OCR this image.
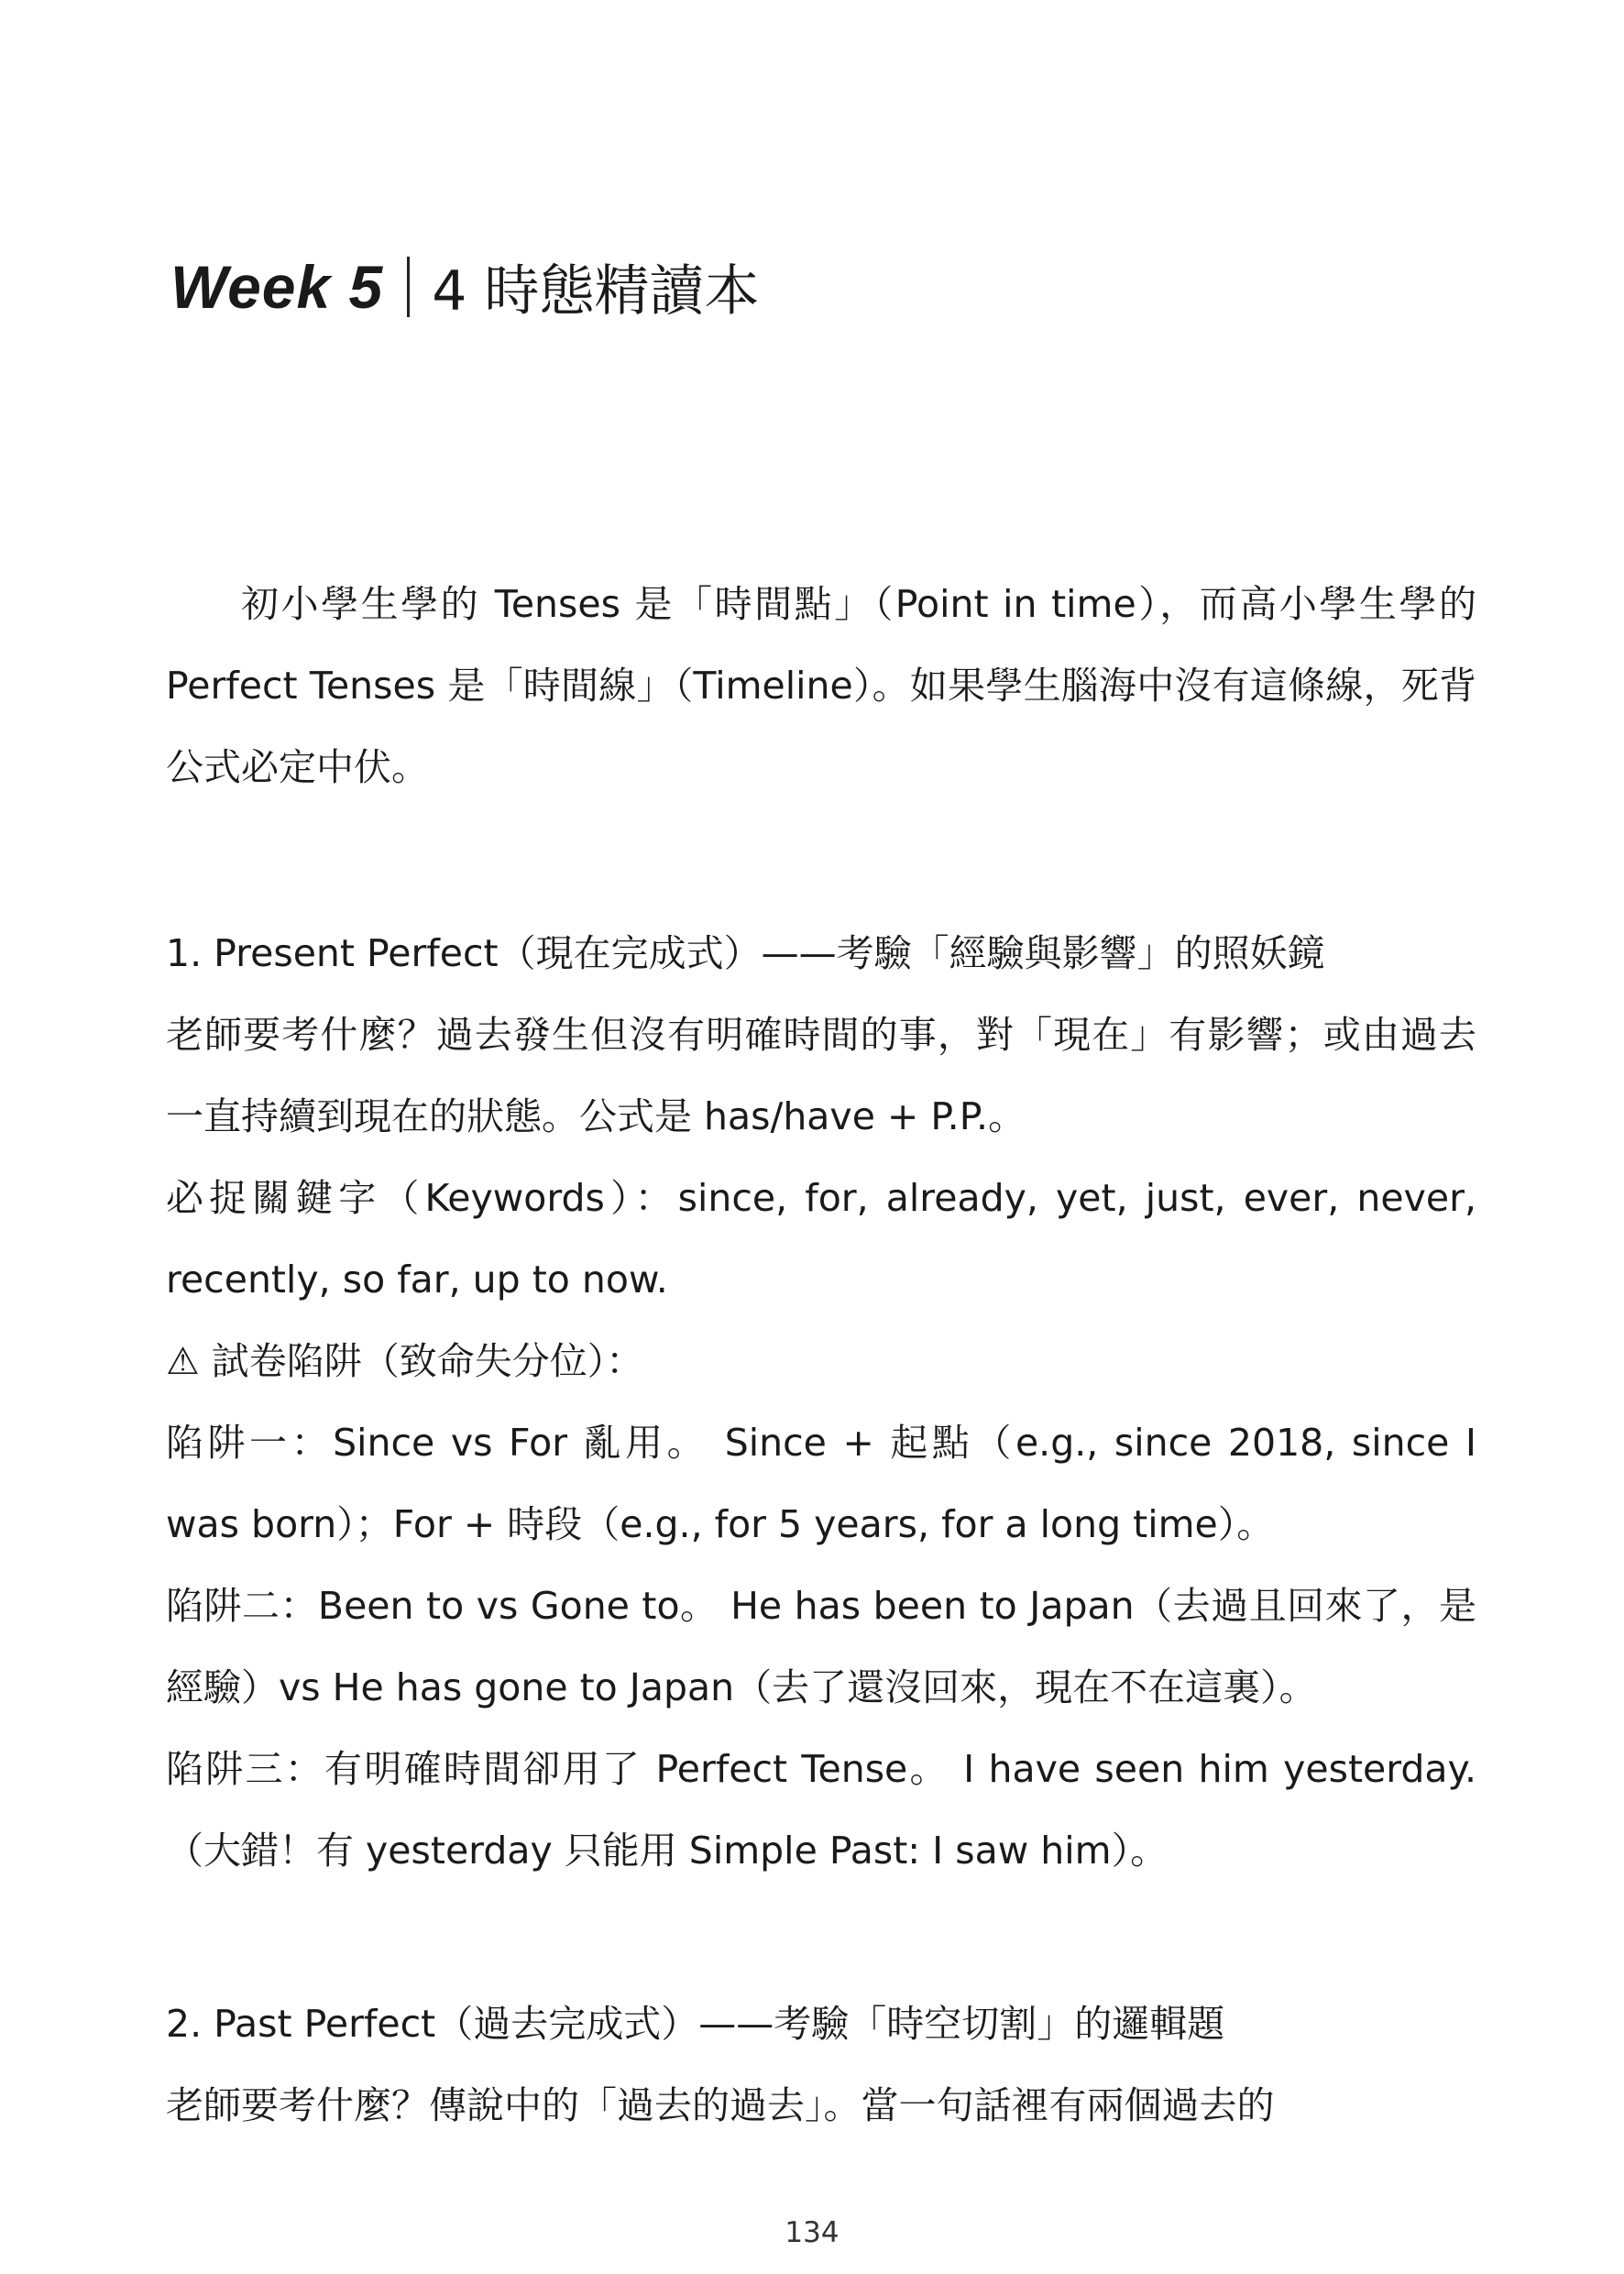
Week 5 4 時態精讀本

初小學生學的 Tenses 是「時間點」（Point in time），而高小學生學的 Perfect Tenses 是「時間線」（Timeline）。如果學生腦海中沒有這條線，死背公式必定中伏。

1. Present Perfect（現在完成式）——考驗「經驗與影響」的照妖鏡

老師要考什麼？過去發生但沒有明確時間的事，對「現在」有影響；或由過去一直持續到現在的狀態。公式是 has/have + P.P.。

必捉關鍵字（Keywords）：since, for, already, yet, just, ever, never, recently, so far, up to now.

⚠ 試卷陷阱（致命失分位）：

陷阱一：Since vs For 亂用。 Since + 起點（e.g., since 2018, since I was born）；For + 時段（e.g., for 5 years, for a long time）。

陷阱二：Been to vs Gone to。 He has been to Japan（去過且回來了，是經驗）vs He has gone to Japan（去了還沒回來，現在不在這裏）。

陷阱三：有明確時間卻用了 Perfect Tense。 I have seen him yesterday.（大錯！有 yesterday 只能用 Simple Past: I saw him）。

2. Past Perfect（過去完成式）——考驗「時空切割」的邏輯題

老師要考什麼？傳說中的「過去的過去」。當一句話裡有兩個過去的

134
